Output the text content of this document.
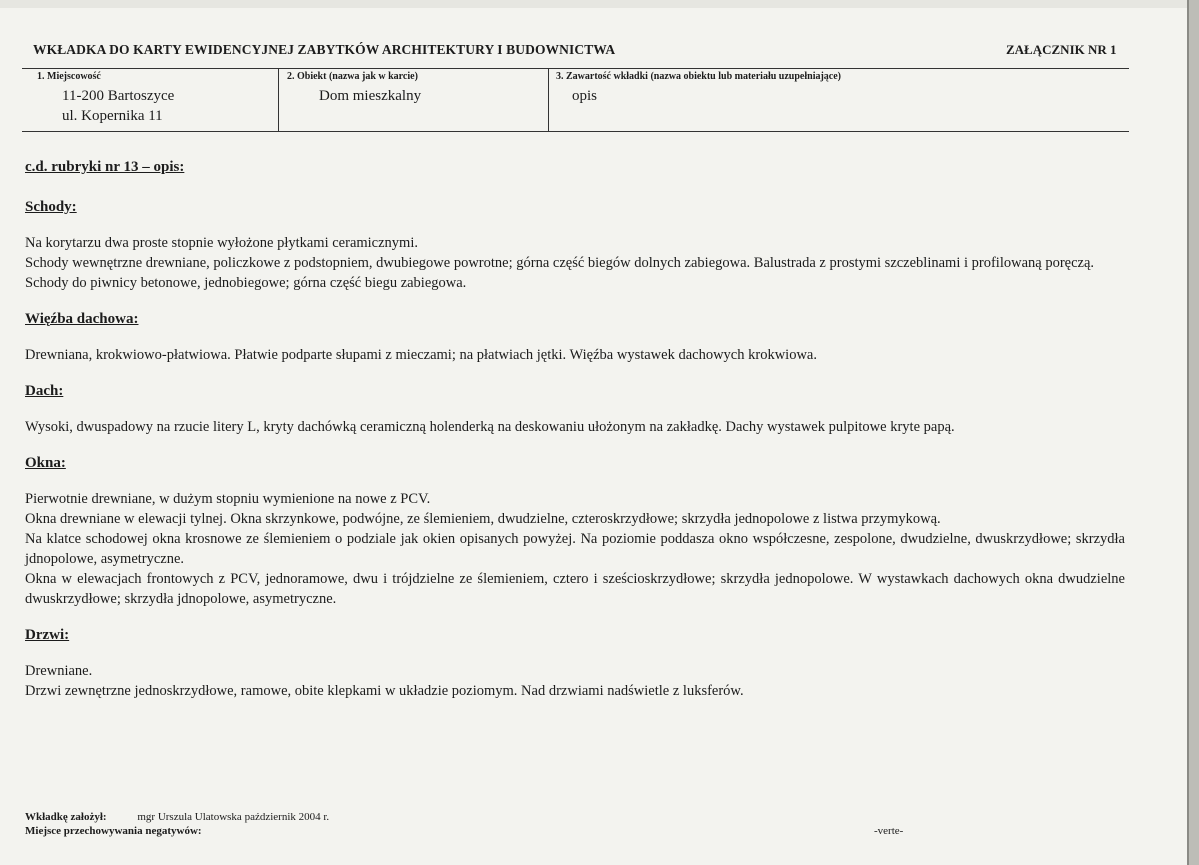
WKŁADKA DO KARTY EWIDENCYJNEJ ZABYTKÓW ARCHITEKTURY I BUDOWNICTWA	ZAŁĄCZNIK NR 1
1. Miejscowość
11-200 Bartoszyce
ul. Kopernika 11
2. Obiekt (nazwa jak w karcie)
Dom mieszkalny
3. Zawartość wkładki (nazwa obiektu lub materiału uzupełniające)
opis

c.d. rubryki nr 13 – opis:

Schody:

Na korytarzu dwa proste stopnie wyłożone płytkami ceramicznymi.

Schody wewnętrzne drewniane, policzkowe z podstopniem, dwubiegowe powrotne; górna część biegów dolnych zabiegowa. Balustrada z prostymi szczeblinami i profilowaną poręczą.

Schody do piwnicy betonowe, jednobiegowe; górna część biegu zabiegowa.

Więźba dachowa:

Drewniana, krokwiowo-płatwiowa. Płatwie podparte słupami z mieczami; na płatwiach jętki. Więźba wystawek dachowych krokwiowa.

Dach:

Wysoki, dwuspadowy na rzucie litery L, kryty dachówką ceramiczną holenderką na deskowaniu ułożonym na zakładkę. Dachy wystawek pulpitowe kryte papą.

Okna:

Pierwotnie drewniane, w dużym stopniu wymienione na nowe z PCV.

Okna drewniane w elewacji tylnej. Okna skrzynkowe, podwójne, ze ślemieniem, dwudzielne, czteroskrzydłowe; skrzydła jednopolowe z listwa przymykową.

Na klatce schodowej okna krosnowe ze ślemieniem o podziale jak okien opisanych powyżej. Na poziomie poddasza okno współczesne, zespolone, dwudzielne, dwuskrzydłowe; skrzydła jdnopolowe, asymetryczne.

Okna w elewacjach frontowych z PCV, jednoramowe, dwu i trójdzielne ze ślemieniem, cztero i sześcioskrzydłowe; skrzydła jednopolowe. W wystawkach dachowych okna dwudzielne dwuskrzydłowe; skrzydła jdnopolowe, asymetryczne.

Drzwi:

Drewniane.

Drzwi zewnętrzne jednoskrzydłowe, ramowe, obite klepkami w układzie poziomym. Nad drzwiami nadświetle z luksferów.

Wkładkę założył:	mgr Urszula Ulatowska październik 2004 r.
Miejsce przechowywania negatywów:	-verte-
